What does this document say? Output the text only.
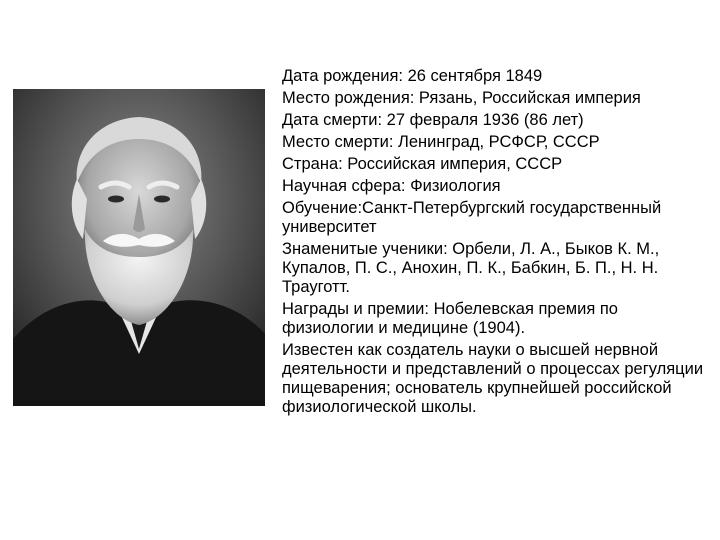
Дата рождения: 26 сентября 1849
Место рождения: Рязань, Российская империя
Дата смерти: 27 февраля 1936 (86 лет)
Место смерти: Ленинград, РСФСР, СССР
Страна: Российская империя, СССР
Научная сфера: Физиология
Обучение:Санкт-Петербургский государственный университет
Знаменитые ученики: Орбели, Л. А., Быков К. М., Купалов, П. С., Анохин, П. К., Бабкин, Б. П., Н. Н. Трауготт.
Награды и премии: Нобелевская премия по физиологии и медицине (1904).
Известен как создатель науки о высшей нервной деятельности и представлений о процессах регуляции пищеварения; основатель крупнейшей российской физиологической школы.
